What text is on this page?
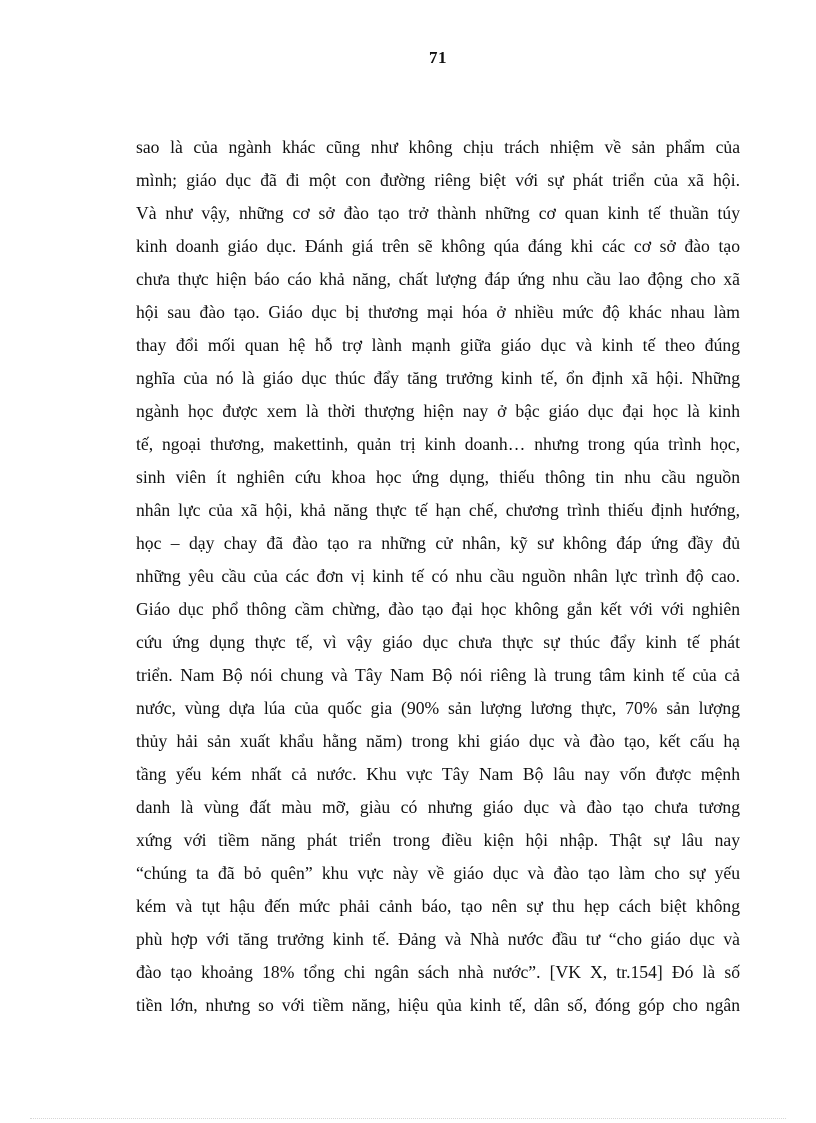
71
sao là của ngành khác cũng như không chịu trách nhiệm về sản phẩm của
mình; giáo dục đã đi một con đường riêng biệt với sự phát triển của xã hội.
Và như vậy, những cơ sở đào tạo trở thành những cơ quan kinh tế thuần túy
kinh doanh giáo dục. Đánh giá trên sẽ không qúa đáng khi các cơ sở đào tạo
chưa thực hiện báo cáo khả năng, chất lượng đáp ứng nhu cầu lao động cho xã
hội sau đào tạo. Giáo dục bị thương mại hóa ở nhiều mức độ khác nhau làm
thay đổi mối quan hệ hỗ trợ lành mạnh giữa giáo dục và kinh tế theo đúng
nghĩa của nó là giáo dục thúc đẩy tăng trưởng kinh tế, ổn định xã hội. Những
ngành học được xem là thời thượng hiện nay ở bậc giáo dục đại học là kinh
tế, ngoại thương, makettinh, quản trị kinh doanh… nhưng trong qúa trình học,
sinh viên ít nghiên cứu khoa học ứng dụng, thiếu thông tin nhu cầu nguồn
nhân lực của xã hội, khả năng thực tế hạn chế, chương trình thiếu định hướng,
học – dạy chay đã đào tạo ra những cử nhân, kỹ sư không đáp ứng đầy đủ
những yêu cầu của các đơn vị kinh tế có nhu cầu nguồn nhân lực trình độ cao.
Giáo dục phổ thông cầm chừng, đào tạo đại học không gắn kết với với nghiên
cứu ứng dụng thực tế, vì vậy giáo dục chưa thực sự thúc đẩy kinh tế phát
triển. Nam Bộ nói chung và Tây Nam Bộ nói riêng là trung tâm kinh tế của cả
nước, vùng dựa lúa của quốc gia (90% sản lượng lương thực, 70% sản lượng
thủy hải sản xuất khẩu hằng năm) trong khi giáo dục và đào tạo, kết cấu hạ
tầng yếu kém nhất cả nước. Khu vực Tây Nam Bộ lâu nay vốn được mệnh
danh là vùng đất màu mỡ, giàu có nhưng giáo dục và đào tạo chưa tương
xứng với tiềm năng phát triển trong điều kiện hội nhập. Thật sự lâu nay
“chúng ta đã bỏ quên” khu vực này về giáo dục và đào tạo làm cho sự yếu
kém và tụt hậu đến mức phải cảnh báo, tạo nên sự thu hẹp cách biệt không
phù hợp với tăng trưởng kinh tế. Đảng và Nhà nước đầu tư “cho giáo dục và
đào tạo khoảng 18% tổng chi ngân sách nhà nước”. [VK X, tr.154] Đó là số
tiền lớn, nhưng so với tiềm năng, hiệu qủa kinh tế, dân số, đóng góp cho ngân
